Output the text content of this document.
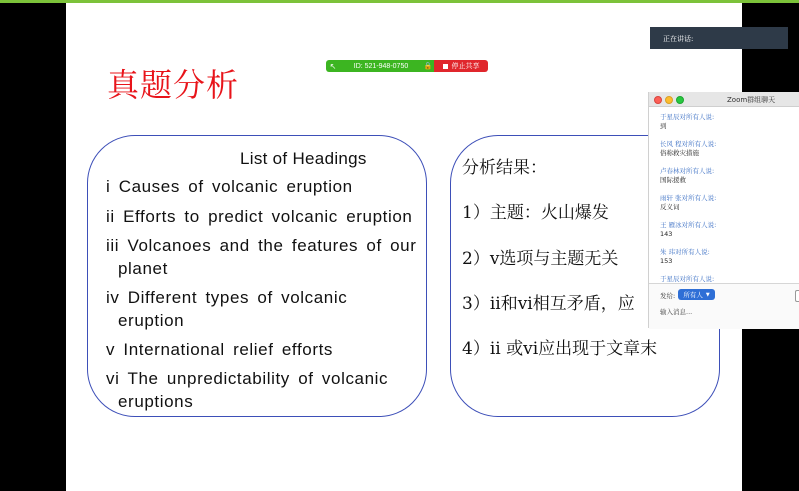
真题分析
List of Headings
i Causes of volcanic eruption
ii Efforts to predict volcanic eruption
iii Volcanoes and the features of our
planet
iv Different types of volcanic
eruption
v International relief efforts
vi The unpredictability of volcanic
eruptions
分析结果：
1）主题：火山爆发
2）v选项与主题无关
3）ii和vi相互矛盾，应
4）ii 或vi应出现于文章末
↖	ID: 521-948-0750	🔒	停止共享
正在讲话:
Zoom群组聊天
于星辰对所有人说:
到
长风 程对所有人说:
俗称救灾措施
卢春林对所有人说:
国际援救
雨轩 张对所有人说:
反义词
王 雁冰对所有人说:
143
朱 玮对所有人说:
153
于星辰对所有人说:
发给: 所有人 ▼
输入消息...
